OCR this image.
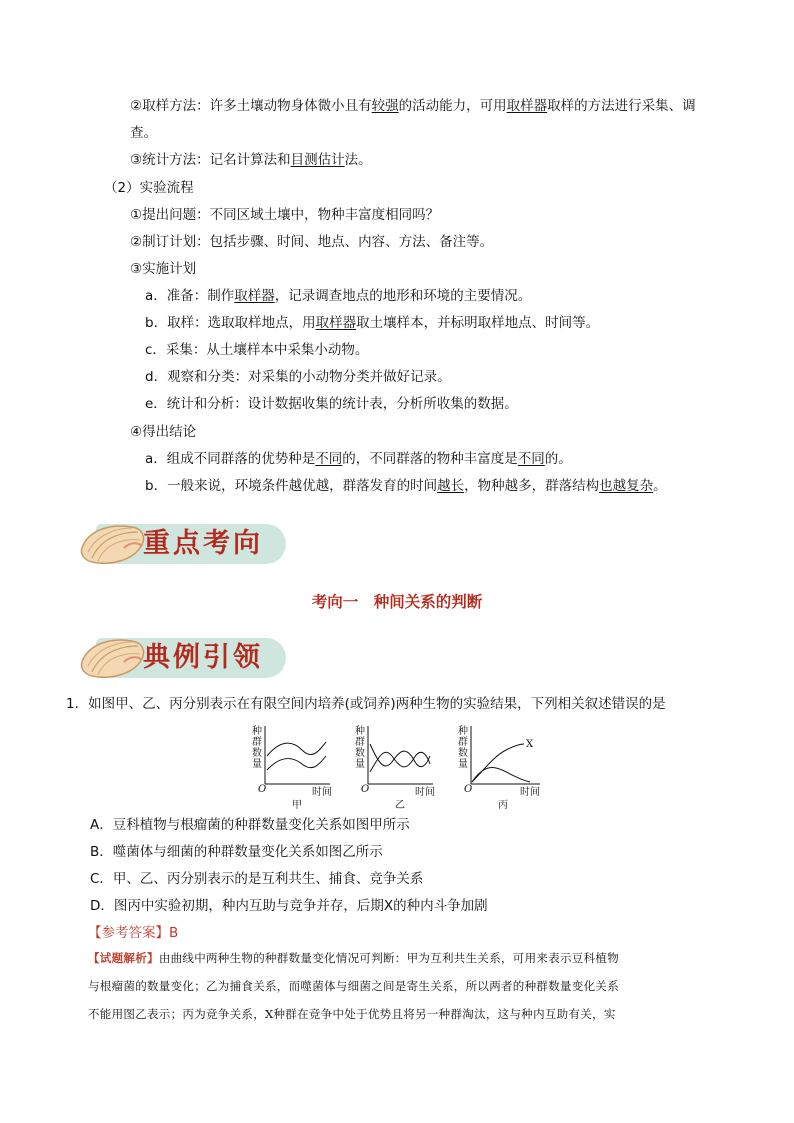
②取样方法：许多土壤动物身体微小且有较强的活动能力，可用取样器取样的方法进行采集、调
查。
③统计方法：记名计算法和目测估计法。
（2）实验流程
①提出问题：不同区域土壤中，物种丰富度相同吗？
②制订计划：包括步骤、时间、地点、内容、方法、备注等。
③实施计划
a．准备：制作取样器，记录调查地点的地形和环境的主要情况。
b．取样：选取取样地点，用取样器取土壤样本，并标明取样地点、时间等。
c．采集：从土壤样本中采集小动物。
d．观察和分类：对采集的小动物分类并做好记录。
e．统计和分析：设计数据收集的统计表，分析所收集的数据。
④得出结论
a．组成不同群落的优势种是不同的，不同群落的物种丰富度是不同的。
b．一般来说，环境条件越优越，群落发育的时间越长，物种越多，群落结构也越复杂。
重点考向
考向一　种间关系的判断
典例引领
1．如图甲、乙、丙分别表示在有限空间内培养(或饲养)两种生物的实验结果，下列相关叙述错误的是
种
群
数
量
O	时间
甲
种
群
数
量
O	时间
乙
种
群
数
量
X
O	时间
丙
A．豆科植物与根瘤菌的种群数量变化关系如图甲所示
B．噬菌体与细菌的种群数量变化关系如图乙所示
C．甲、乙、丙分别表示的是互利共生、捕食、竞争关系
D．图丙中实验初期，种内互助与竞争并存，后期X的种内斗争加剧
【参考答案】B
【试题解析】由曲线中两种生物的种群数量变化情况可判断：甲为互利共生关系，可用来表示豆科植物
与根瘤菌的数量变化；乙为捕食关系，而噬菌体与细菌之间是寄生关系，所以两者的种群数量变化关系
不能用图乙表示；丙为竞争关系，X种群在竞争中处于优势且将另一种群淘汰，这与种内互助有关，实
